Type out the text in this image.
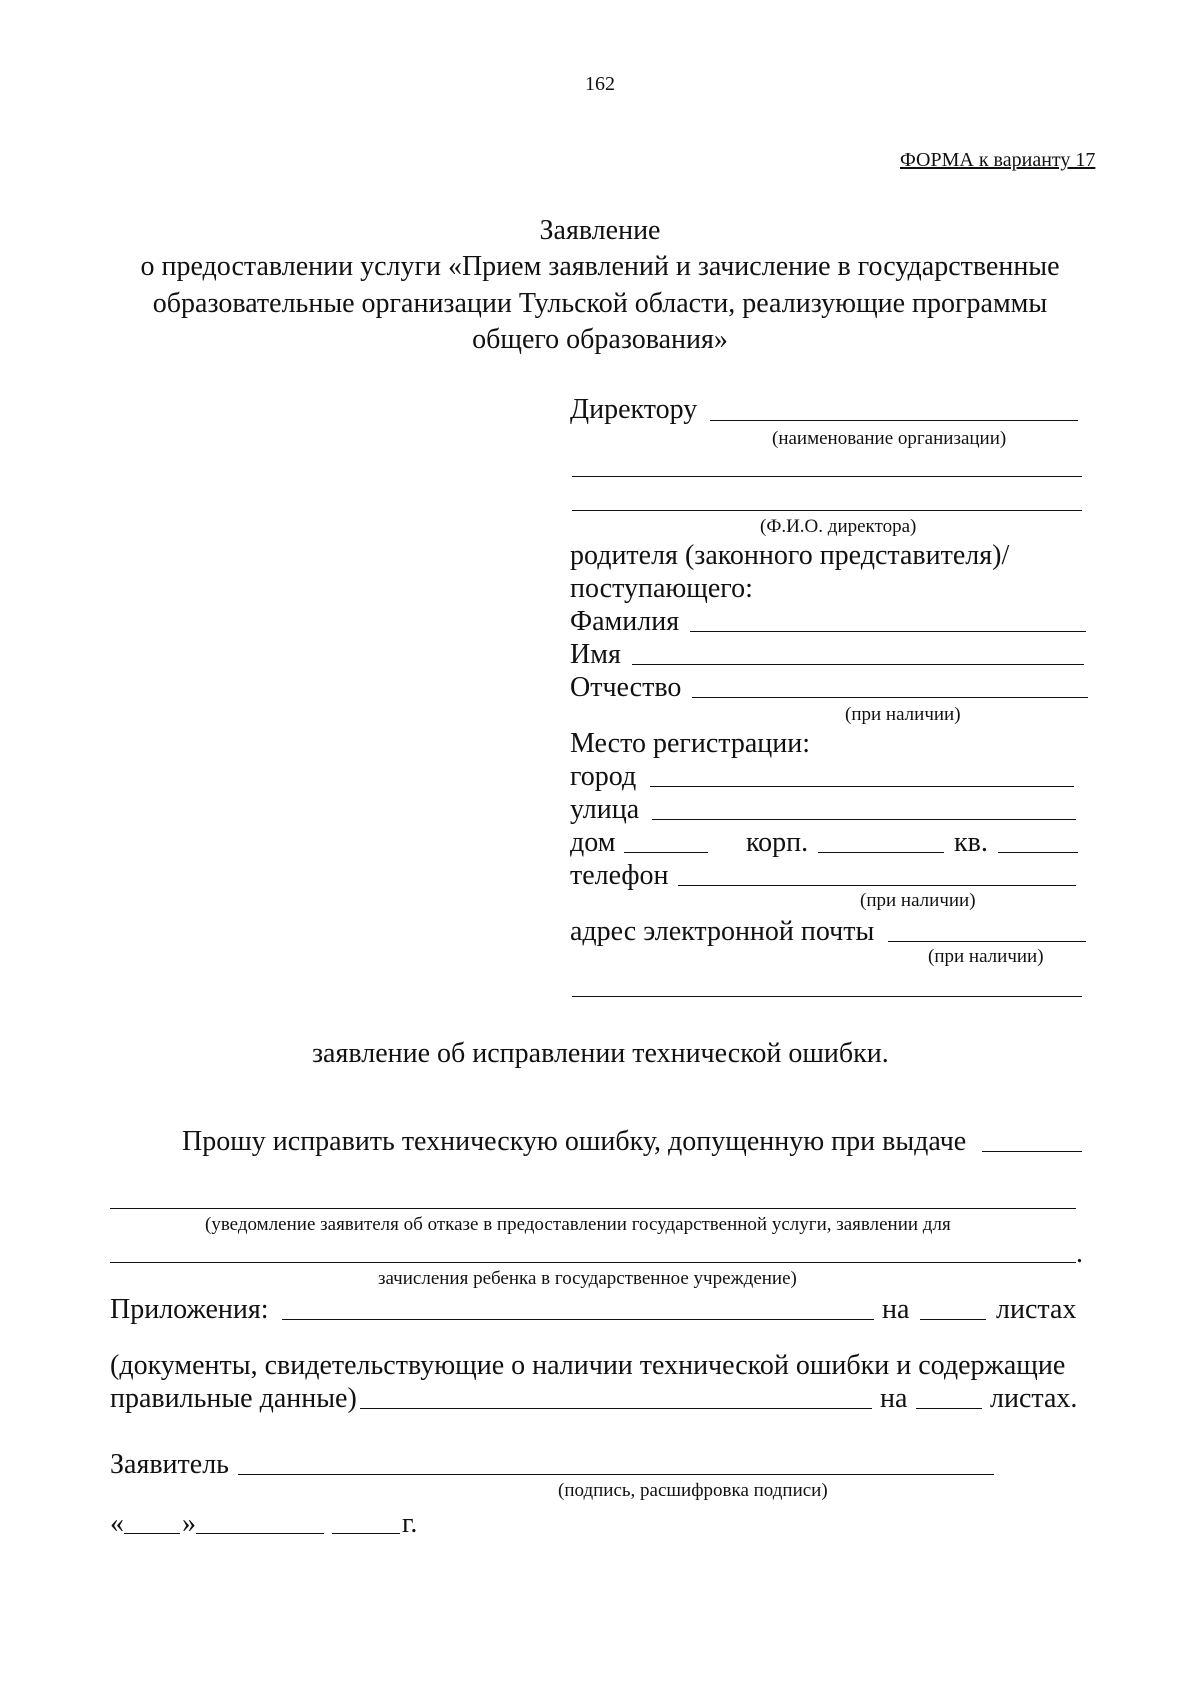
162
ФОРМА к варианту 17
Заявление
о предоставлении услуги «Прием заявлений и зачисление в государственные
образовательные организации Тульской области, реализующие программы
общего образования»
Директору
(наименование организации)
(Ф.И.О. директора)
родителя (законного представителя)/
поступающего:
Фамилия
Имя
Отчество
(при наличии)
Место регистрации:
город
улица
дом	корп.	кв.
телефон
(при наличии)
адрес электронной почты
(при наличии)
заявление об исправлении технической ошибки.
Прошу исправить техническую ошибку, допущенную при выдаче
(уведомление заявителя об отказе в предоставлении государственной услуги, заявлении для
.
зачисления ребенка в государственное учреждение)
Приложения:	на	листах
(документы, свидетельствующие о наличии технической ошибки и содержащие
правильные данные)	на	листах.
Заявитель
(подпись, расшифровка подписи)
« »	г.
